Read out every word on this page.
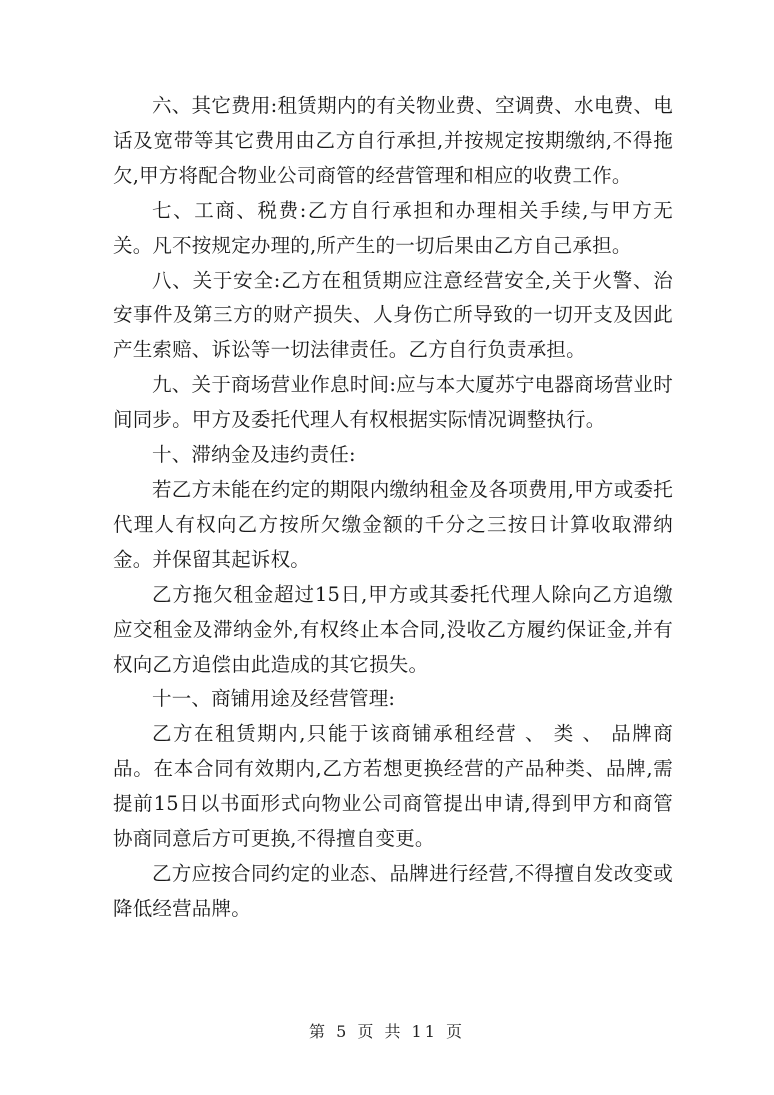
六、其它费用:租赁期内的有关物业费、空调费、水电费、电话及宽带等其它费用由乙方自行承担,并按规定按期缴纳,不得拖欠,甲方将配合物业公司商管的经营管理和相应的收费工作。

七、工商、税费:乙方自行承担和办理相关手续,与甲方无关。凡不按规定办理的,所产生的一切后果由乙方自己承担。

八、关于安全:乙方在租赁期应注意经营安全,关于火警、治安事件及第三方的财产损失、人身伤亡所导致的一切开支及因此产生索赔、诉讼等一切法律责任。乙方自行负责承担。

九、关于商场营业作息时间:应与本大厦苏宁电器商场营业时间同步。甲方及委托代理人有权根据实际情况调整执行。

十、滞纳金及违约责任:

若乙方未能在约定的期限内缴纳租金及各项费用,甲方或委托代理人有权向乙方按所欠缴金额的千分之三按日计算收取滞纳金。并保留其起诉权。

乙方拖欠租金超过15日,甲方或其委托代理人除向乙方追缴应交租金及滞纳金外,有权终止本合同,没收乙方履约保证金,并有权向乙方追偿由此造成的其它损失。

十一、商铺用途及经营管理:

乙方在租赁期内,只能于该商铺承租经营 、 类 、 品牌商品。在本合同有效期内,乙方若想更换经营的产品种类、品牌,需提前15日以书面形式向物业公司商管提出申请,得到甲方和商管协商同意后方可更换,不得擅自变更。

乙方应按合同约定的业态、品牌进行经营,不得擅自发改变或降低经营品牌。

第 5 页 共 11 页
